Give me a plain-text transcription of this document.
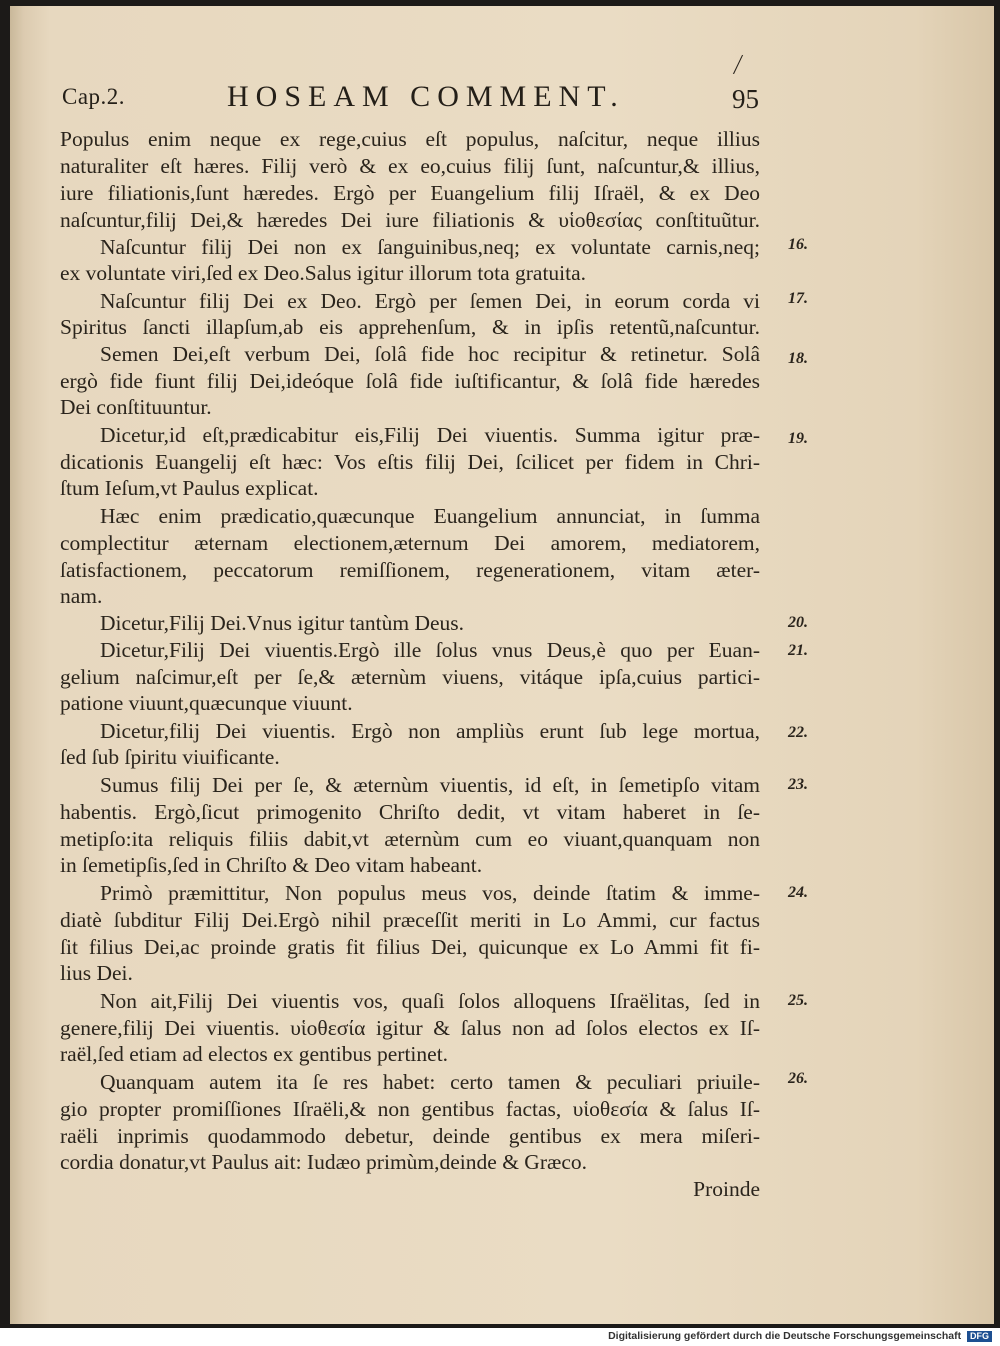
⁄
Cap.2.	HOSEAM COMMENT.	95
Populus enim neque ex rege,cuius eſt populus, naſcitur, neque illius
naturaliter eſt hæres. Filij verò & ex eo,cuius filij ſunt, naſcuntur,& illius,
iure filiationis,ſunt hæredes. Ergò per Euangelium filij Iſraël, & ex Deo
naſcuntur,filij Dei,& hæredes Dei iure filiationis & υἱοθεσίας conſtituũtur.
Naſcuntur filij Dei non ex ſanguinibus,neq; ex voluntate carnis,neq;
ex voluntate viri,ſed ex Deo.Salus igitur illorum tota gratuita.
Naſcuntur filij Dei ex Deo. Ergò per ſemen Dei, in eorum corda vi
Spiritus ſancti illapſum,ab eis apprehenſum, & in ipſis retentũ,naſcuntur.
Semen Dei,eſt verbum Dei, ſolâ fide hoc recipitur & retinetur. Solâ
ergò fide fiunt filij Dei,ideóque ſolâ fide iuſtificantur, & ſolâ fide hæredes
Dei conſtituuntur.
Dicetur,id eſt,prædicabitur eis,Filij Dei viuentis. Summa igitur præ-
dicationis Euangelij eſt hæc: Vos eſtis filij Dei, ſcilicet per fidem in Chri-
ſtum Ieſum,vt Paulus explicat.
Hæc enim prædicatio,quæcunque Euangelium annunciat, in ſumma
complectitur æternam electionem,æternum Dei amorem, mediatorem,
ſatisfactionem, peccatorum remiſſionem, regenerationem, vitam æter-
nam.
Dicetur,Filij Dei.Vnus igitur tantùm Deus.
Dicetur,Filij Dei viuentis.Ergò ille ſolus vnus Deus,è quo per Euan-
gelium naſcimur,eſt per ſe,& æternùm viuens, vitáque ipſa,cuius partici-
patione viuunt,quæcunque viuunt.
Dicetur,filij Dei viuentis. Ergò non ampliùs erunt ſub lege mortua,
ſed ſub ſpiritu viuificante.
Sumus filij Dei per ſe, & æternùm viuentis, id eſt, in ſemetipſo vitam
habentis. Ergò,ſicut primogenito Chriſto dedit, vt vitam haberet in ſe-
metipſo:ita reliquis filiis dabit,vt æternùm cum eo viuant,quanquam non
in ſemetipſis,ſed in Chriſto & Deo vitam habeant.
Primò præmittitur, Non populus meus vos, deinde ſtatim & imme-
diatè ſubditur Filij Dei.Ergò nihil præceſſit meriti in Lo Ammi, cur factus
ſit filius Dei,ac proinde gratis fit filius Dei, quicunque ex Lo Ammi fit fi-
lius Dei.
Non ait,Filij Dei viuentis vos, quaſi ſolos alloquens Iſraëlitas, ſed in
genere,filij Dei viuentis. υἱοθεσία igitur & ſalus non ad ſolos electos ex Iſ-
raël,ſed etiam ad electos ex gentibus pertinet.
Quanquam autem ita ſe res habet: certo tamen & peculiari priuile-
gio propter promiſſiones Iſraëli,& non gentibus factas, υἱοθεσία & ſalus Iſ-
raëli inprimis quodammodo debetur, deinde gentibus ex mera miſeri-
cordia donatur,vt Paulus ait: Iudæo primùm,deinde & Græco.
Proinde
16.
17.
18.
19.
20.
21.
22.
23.
24.
25.
26.
Digitalisierung gefördert durch die Deutsche Forschungsgemeinschaft DFG
